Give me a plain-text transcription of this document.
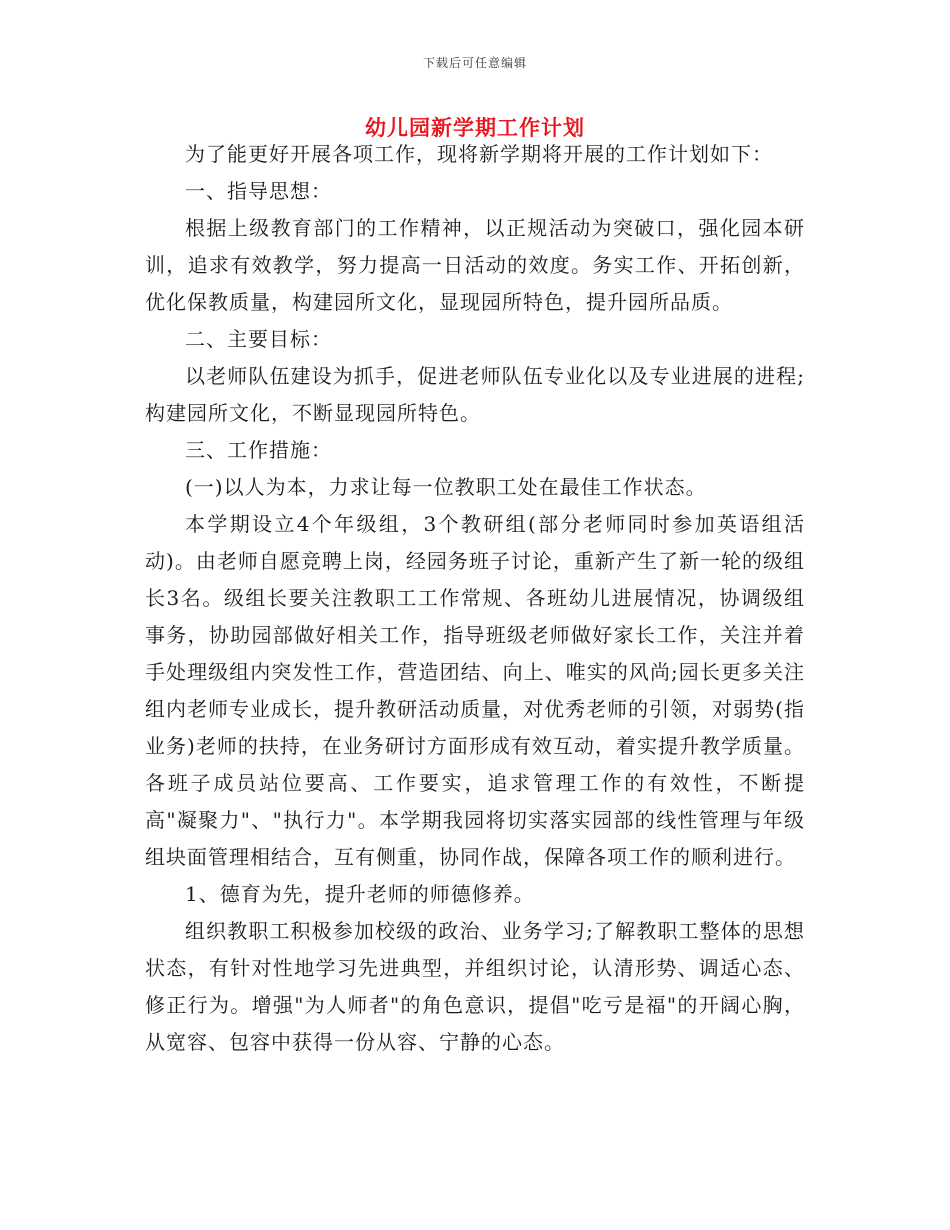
下载后可任意编辑
幼儿园新学期工作计划

为了能更好开展各项工作，现将新学期将开展的工作计划如下：

一、指导思想：

根据上级教育部门的工作精神，以正规活动为突破口，强化园本研训，追求有效教学，努力提高一日活动的效度。务实工作、开拓创新，优化保教质量，构建园所文化，显现园所特色，提升园所品质。

二、主要目标：

以老师队伍建设为抓手，促进老师队伍专业化以及专业进展的进程;构建园所文化，不断显现园所特色。

三、工作措施：

(一)以人为本，力求让每一位教职工处在最佳工作状态。

本学期设立4个年级组，3个教研组(部分老师同时参加英语组活动)。由老师自愿竞聘上岗，经园务班子讨论，重新产生了新一轮的级组长3名。级组长要关注教职工工作常规、各班幼儿进展情况，协调级组事务，协助园部做好相关工作，指导班级老师做好家长工作，关注并着手处理级组内突发性工作，营造团结、向上、唯实的风尚;园长更多关注组内老师专业成长，提升教研活动质量，对优秀老师的引领，对弱势(指业务)老师的扶持，在业务研讨方面形成有效互动，着实提升教学质量。各班子成员站位要高、工作要实，追求管理工作的有效性，不断提高"凝聚力"、"执行力"。本学期我园将切实落实园部的线性管理与年级组块面管理相结合，互有侧重，协同作战，保障各项工作的顺利进行。

1、德育为先，提升老师的师德修养。

组织教职工积极参加校级的政治、业务学习;了解教职工整体的思想状态，有针对性地学习先进典型，并组织讨论，认清形势、调适心态、修正行为。增强"为人师者"的角色意识，提倡"吃亏是福"的开阔心胸，从宽容、包容中获得一份从容、宁静的心态。
